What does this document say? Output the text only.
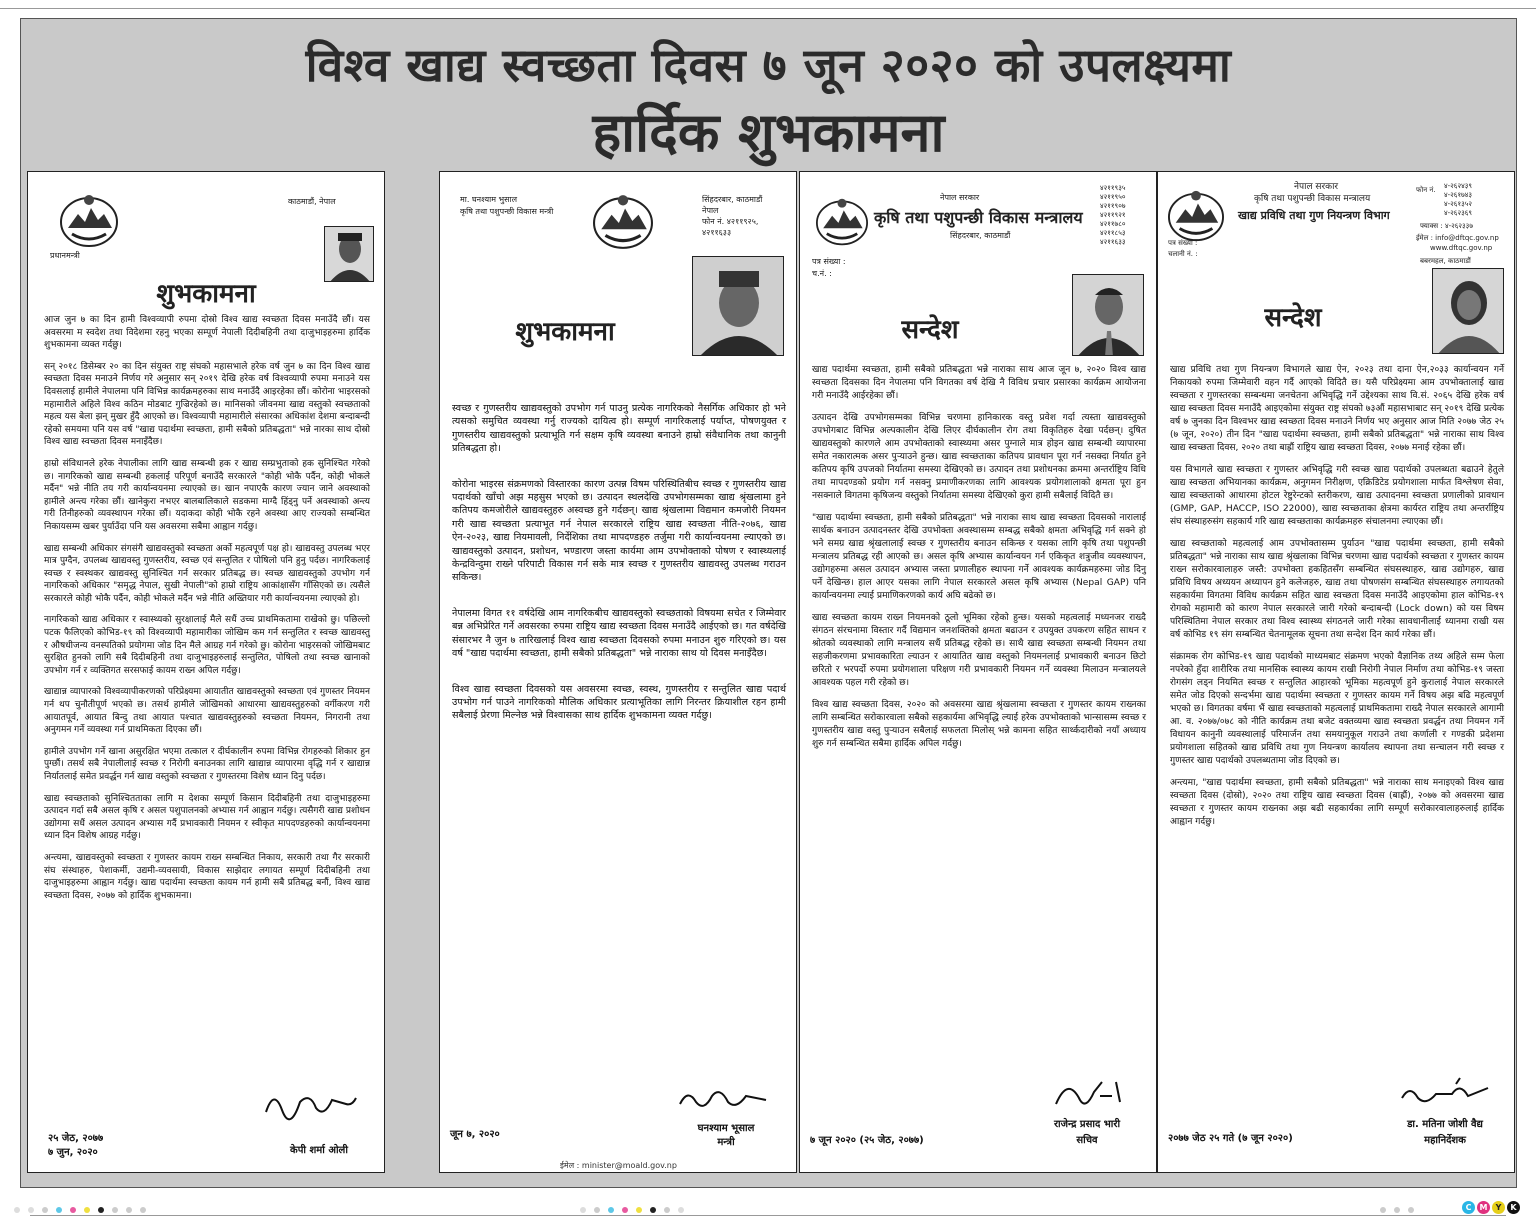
विश्व खाद्य स्वच्छता दिवस ७ जून २०२० को उपलक्ष्यमा
हार्दिक शुभकामना
काठमाडौं, नेपाल
प्रधानमन्त्री
शुभकामना

आज जुन ७ का दिन हामी विश्वव्यापी रुपमा दोस्रो विश्व खाद्य स्वच्छता दिवस मनाउँदै छौं। यस अवसरमा म स्वदेश तथा विदेशमा रहनु भएका सम्पूर्ण नेपाली दिदीबहिनी तथा दाजुभाइहरुमा हार्दिक शुभकामना व्यक्त गर्दछु।

सन् २०१८ डिसेम्बर २० का दिन संयुक्त राष्ट्र संघको महासभाले हरेक वर्ष जुन ७ का दिन विश्व खाद्य स्वच्छता दिवस मनाउने निर्णय गरे अनुसार सन् २०१९ देखि हरेक वर्ष विश्वव्यापी रुपमा मनाउने यस दिवसलाई हामीले नेपालमा पनि विभिन्न कार्यक्रमहरुका साथ मनाउँदै आइरहेका छौं। कोरोना भाइरसको महामारीले अहिले विश्व कठिन मोडबाट गुज्रिरहेको छ। मानिसको जीवनमा खाद्य वस्तुको स्वच्छताको महत्व यस बेला झन् मुखर हुँदै आएको छ। विश्वव्यापी महामारीले संसारका अधिकांश देशमा बन्दाबन्दी रहेको समयमा पनि यस वर्ष "खाद्य पदार्थमा स्वच्छता, हामी सबैको प्रतिबद्धता" भन्ने नारका साथ दोस्रो विश्व खाद्य स्वच्छता दिवस मनाइँदैछ।

हाम्रो संविधानले हरेक नेपालीका लागि खाद्य सम्बन्धी हक र खाद्य सम्प्रभुताको हक सुनिश्चित गरेको छ। नागरिकको खाद्य सम्बन्धी हकलाई परिपूर्ण बनाउँदै सरकारले "कोही भोकै पर्दैन, कोही भोकले मर्दैन" भन्ने नीति तय गरी कार्यान्वयनमा ल्याएको छ। खान नपाएकै कारण ज्यान जाने अवस्थाको हामीले अन्त्य गरेका छौं। खानेकुरा नभएर बालबालिकाले सडकमा माग्दै हिंड्नु पर्ने अवस्थाको अन्त्य गरी तिनीहरुको व्यवस्थापन गरेका छौं। यदाकदा कोही भोकै रहने अवस्था आए राज्यको सम्बन्धित निकायसम्म खबर पुर्याउँदा पनि यस अवसरमा सबैमा आह्वान गर्दछु।

खाद्य सम्बन्धी अधिकार संगसंगै खाद्यवस्तुको स्वच्छता अर्को महत्वपूर्ण पक्ष हो। खाद्यवस्तु उपलब्ध भएर मात्र पुग्दैन, उपलब्ध खाद्यवस्तु गुणस्तरीय, स्वच्छ एवं सन्तुलित र पोषिलो पनि हुनु पर्दछ। नागरिकलाई स्वच्छ र स्वस्थकर खाद्यवस्तु सुनिश्चित गर्न सरकार प्रतिबद्ध छ। स्वच्छ खाद्यवस्तुको उपभोग गर्न नागरिकको अधिकार "समृद्ध नेपाल, सुखी नेपाली"को हाम्रो राष्ट्रिय आकांक्षासँग गाँसिएको छ। त्यसैले सरकारले कोही भोकै पर्दैन, कोही भोकले मर्दैन भन्ने नीति अख्तियार गरी कार्यान्वयनमा ल्याएको हो।

नागरिकको खाद्य अधिकार र स्वास्थ्यको सुरक्षालाई मैले सधैं उच्च प्राथमिकतामा राखेको छु। पछिल्लो पटक फैलिएको कोभिड-१९ को विश्वव्यापी महामारीका जोखिम कम गर्न सन्तुलित र स्वच्छ खाद्यवस्तु र औषधीजन्य वनस्पतिको प्रयोगमा जोड दिन मैले आग्रह गर्न गरेको छु। कोरोना भाइरसको जोखिमबाट सुरक्षित हुनको लागि सबै दिदीबहिनी तथा दाजुभाइहरुलाई सन्तुलित, पोषिलो तथा स्वच्छ खानाको उपभोग गर्न र व्यक्तिगत सरसफाई कायम राख्न अपिल गर्दछु।

खाद्यान्न व्यापारको विश्वव्यापीकरणको परिप्रेक्ष्यमा आयातीत खाद्यवस्तुको स्वच्छता एवं गुणस्तर नियमन गर्न थप चुनौतीपूर्ण भएको छ। तसर्थ हामीले जोखिमको आधारमा खाद्यवस्तुहरुको वर्गीकरण गरी आयातपूर्व, आयात बिन्दु तथा आयात पश्चात खाद्यवस्तुहरुको स्वच्छता नियमन, निगरानी तथा अनुगमन गर्ने व्यवस्था गर्न प्राथमिकता दिएका छौं।

हामीले उपभोग गर्ने खाना असुरक्षित भएमा तत्काल र दीर्घकालीन रुपमा विभिन्न रोगहरुको शिकार हुन पुग्छौं। तसर्थ सबै नेपालीलाई स्वच्छ र निरोगी बनाउनका लागि खाद्यान्न व्यापारमा वृद्धि गर्न र खाद्यान्न निर्यातलाई समेत प्रवर्द्धन गर्न खाद्य वस्तुको स्वच्छता र गुणस्तरमा विशेष ध्यान दिनु पर्दछ।

खाद्य स्वच्छताको सुनिश्चितताका लागि म देशका सम्पूर्ण किसान दिदीबहिनी तथा दाजुभाइहरुमा उत्पादन गर्दा सबै असल कृषि र असल पशुपालनको अभ्यास गर्न आह्वान गर्दछु। त्यसैगरी खाद्य प्रशोधन उद्योगमा सधैं असल उत्पादन अभ्यास गर्दै प्रभावकारी नियमन र स्वीकृत मापदण्डहरुको कार्यान्वयनमा ध्यान दिन विशेष आग्रह गर्दछु।

अन्त्यमा, खाद्यवस्तुको स्वच्छता र गुणस्तर कायम राख्न सम्बन्धित निकाय, सरकारी तथा गैर सरकारी संघ संस्थाहरु, पेशाकर्मी, उद्यमी-व्यवसायी, विकास साझेदार लगायत सम्पूर्ण दिदीबहिनी तथा दाजुभाइहरुमा आह्वान गर्दछु। खाद्य पदार्थमा स्वच्छता कायम गर्न हामी सबै प्रतिबद्ध बनौं, विश्व खाद्य स्वच्छता दिवस, २०७७ को हार्दिक शुभकामना।

२५ जेठ, २०७७
७ जुन, २०२०	केपी शर्मा ओली
मा. घनश्याम भुसाल
कृषि तथा पशुपन्छी विकास मन्त्री
सिंहदरबार, काठमाडौं
नेपाल
फोन नं. ४२११९२५,
४२११६३३
शुभकामना

स्वच्छ र गुणस्तरीय खाद्यवस्तुको उपभोग गर्न पाउनु प्रत्येक नागरिकको नैसर्गिक अधिकार हो भने त्यसको समुचित व्यवस्था गर्नु राज्यको दायित्व हो। सम्पूर्ण नागरिकलाई पर्याप्त, पोषणयुक्त र गुणस्तरीय खाद्यवस्तुको प्रत्याभूति गर्न सक्षम कृषि व्यवस्था बनाउने हाम्रो संवैधानिक तथा कानुनी प्रतिबद्धता हो।

कोरोना भाइरस संक्रमणको विस्तारका कारण उत्पन्न विषम परिस्थितिबीच स्वच्छ र गुणस्तरीय खाद्य पदार्थको खाँचो अझ महसुस भएको छ। उत्पादन स्थलदेखि उपभोगसम्मका खाद्य श्रृंखलामा हुने कतिपय कमजोरीले खाद्यवस्तुहरु अस्वच्छ हुने गर्दछन्। खाद्य श्रृंखलामा विद्यमान कमजोरी नियमन गरी खाद्य स्वच्छता प्रत्याभूत गर्न नेपाल सरकारले राष्ट्रिय खाद्य स्वच्छता नीति-२०७६, खाद्य ऐन-२०२३, खाद्य नियमावली, निर्देशिका तथा मापदण्डहरु तर्जुमा गरी कार्यान्वयनमा ल्याएको छ। खाद्यवस्तुको उत्पादन, प्रशोधन, भण्डारण जस्ता कार्यमा आम उपभोक्ताको पोषण र स्वास्थ्यलाई केन्द्रविन्दुमा राख्ने परिपाटी विकास गर्न सके मात्र स्वच्छ र गुणस्तरीय खाद्यवस्तु उपलब्ध गराउन सकिन्छ।

नेपालमा विगत ११ वर्षदेखि आम नागरिकबीच खाद्यवस्तुको स्वच्छताको विषयमा सचेत र जिम्मेवार बन्न अभिप्रेरित गर्ने अवसरका रुपमा राष्ट्रिय खाद्य स्वच्छता दिवस मनाउँदै आईएको छ। गत वर्षदेखि संसारभर नै जुन ७ तारिखलाई विश्व खाद्य स्वच्छता दिवसको रुपमा मनाउन शुरु गरिएको छ। यस वर्ष "खाद्य पदार्थमा स्वच्छता, हामी सबैको प्रतिबद्धता" भन्ने नाराका साथ यो दिवस मनाइँदैछ।

विश्व खाद्य स्वच्छता दिवसको यस अवसरमा स्वच्छ, स्वस्थ, गुणस्तरीय र सन्तुलित खाद्य पदार्थ उपभोग गर्न पाउने नागरिकको मौलिक अधिकार प्रत्याभूतिका लागि निरन्तर क्रियाशील रहन हामी सबैलाई प्रेरणा मिल्नेछ भन्ने विश्वासका साथ हार्दिक शुभकामना व्यक्त गर्दछु।

जून ७, २०२०
घनश्याम भूसाल
मन्त्री
ईमेल : minister@moald.gov.np
नेपाल सरकार
कृषि तथा पशुपन्छी विकास मन्त्रालय
सिंहदरबार, काठमाडौं
४२११९३५
४२११९५०
४२११९०७
४२११९२१
४२११७८०
४२११८५३
४२११६३३
पत्र संख्या :
च.नं. :
सन्देश

खाद्य पदार्थमा स्वच्छता, हामी सबैको प्रतिबद्धता भन्ने नाराका साथ आज जून ७, २०२० विश्व खाद्य स्वच्छता दिवसका दिन नेपालमा पनि विगतका वर्ष देखि नै विविध प्रचार प्रसारका कार्यक्रम आयोजना गरी मनाउँदै आईरहेका छौं।

उत्पादन देखि उपभोगसम्मका विभिन्न चरणमा हानिकारक वस्तु प्रवेश गर्दा त्यस्ता खाद्यवस्तुको उपभोगबाट विभिन्न अल्पकालीन देखि लिएर दीर्घकालीन रोग तथा विकृतिहरु देखा पर्दछन्। दुषित खाद्यवस्तुको कारणले आम उपभोक्ताको स्वास्थ्यमा असर पुग्नाले मात्र होइन खाद्य सम्बन्धी व्यापारमा समेत नकारात्मक असर पुऱ्याउने हुन्छ। खाद्य स्वच्छताका कतिपय प्रावधान पूरा गर्न नसक्दा निर्यात हुने कतिपय कृषि उपजको निर्यातमा समस्या देखिएको छ। उत्पादन तथा प्रशोधनका क्रममा अन्तर्राष्ट्रिय विधि तथा मापदण्डको प्रयोग गर्न नसक्नु प्रमाणीकरणका लागि आवश्यक प्रयोगशालाको क्षमता पूरा हुन नसक्नाले विगतमा कृषिजन्य वस्तुको निर्यातमा समस्या देखिएको कुरा हामी सबैलाई विदितै छ।

"खाद्य पदार्थमा स्वच्छता, हामी सबैको प्रतिबद्धता" भन्ने नाराका साथ खाद्य स्वच्छता दिवसको नारालाई सार्थक बनाउन उत्पादनस्तर देखि उपभोक्ता अवस्थासम्म सम्बद्ध सबैको क्षमता अभिवृद्धि गर्न सक्ने हो भने समग्र खाद्य श्रृंखलालाई स्वच्छ र गुणस्तरीय बनाउन सकिन्छ र यसका लागि कृषि तथा पशुपन्छी मन्त्रालय प्रतिबद्ध रही आएको छ। असल कृषि अभ्यास कार्यान्वयन गर्न एकिकृत शत्रुजीव व्यवस्थापन, उद्योगहरुमा असल उत्पादन अभ्यास जस्ता प्रणालीहरु स्थापना गर्ने आवश्यक कार्यक्रमहरुमा जोड दिनु पर्ने देखिन्छ। हाल आएर यसका लागि नेपाल सरकारले असल कृषि अभ्यास (Nepal GAP) पनि कार्यान्वयनमा ल्याई प्रमाणिकरणको कार्य अघि बढेको छ।

खाद्य स्वच्छता कायम राख्न नियमनको ठूलो भूमिका रहेको हुन्छ। यसको महत्वलाई मध्यनजर राख्दै संगठन संरचनामा विस्तार गर्दै विद्यमान जनशक्तिको क्षमता बढाउन र उपयुक्त उपकरण सहित साधन र श्रोतको व्यवस्थाको लागि मन्त्रालय सधैं प्रतिबद्ध रहेको छ। साथै खाद्य स्वच्छता सम्बन्धी नियमन तथा सहजीकरणमा प्रभावकारिता ल्याउन र आयातित खाद्य वस्तुको नियमनलाई प्रभावकारी बनाउन छिटो छरितो र भरपर्दो रुपमा प्रयोगशाला परिक्षण गरी प्रभावकारी नियमन गर्ने व्यवस्था मिलाउन मन्त्रालयले आवश्यक पहल गरी रहेको छ।

विश्व खाद्य स्वच्छता दिवस, २०२० को अवसरमा खाद्य श्रृंखलामा स्वच्छता र गुणस्तर कायम राख्नका लागि सम्बन्धित सरोकारवाला सबैको सहकार्यमा अभिवृद्धि ल्याई हरेक उपभोक्ताको भान्सासम्म स्वच्छ र गुणस्तरीय खाद्य वस्तु पुऱ्याउन सबैलाई सफलता मिलोस् भन्ने कामना सहित सार्थ्कदारीको नयाँ अध्याय शुरु गर्न सम्बन्धित सबैमा हार्दिक अपिल गर्दछु।

७ जून २०२० (२५ जेठ, २०७७)
राजेन्द्र प्रसाद भारी
सचिव
नेपाल सरकार
कृषि तथा पशुपन्छी विकास मन्त्रालय
खाद्य प्रविधि तथा गुण नियन्त्रण विभाग
फोन नं. ४-२६२४३९
४-२६१७४३
४-२६१३५२
४-२६२३६९
फ्याक्स : ४-२६२३३७
ईमेल : info@dftqc.gov.np
www.dftqc.gov.np
पत्र संख्या :
चलानी नं. :
बबरमहल, काठमाडौं
सन्देश

खाद्य प्रविधि तथा गुण नियन्त्रण विभागले खाद्य ऐन, २०२३ तथा दाना ऐन,२०३३ कार्यान्वयन गर्ने निकायको रुपमा जिम्मेवारी वहन गर्दै आएको विदितै छ। यसै परिप्रेक्ष्यमा आम उपभोक्तालाई खाद्य स्वच्छता र गुणस्तरका सम्बन्धमा जनचेतना अभिवृद्धि गर्ने उद्देश्यका साथ वि.सं. २०६५ देखि हरेक वर्ष खाद्य स्वच्छता दिवस मनाउँदै आइएकोमा संयुक्त राष्ट्र संघको ७३औं महासभाबाट सन् २०१९ देखि प्रत्येक वर्ष ७ जुनका दिन विश्वभर खाद्य स्वच्छता दिवस मनाउने निर्णय भए अनुसार आज मिति २०७७ जेठ २५ (७ जून, २०२०) तीन दिन "खाद्य पदार्थमा स्वच्छता, हामी सबैको प्रतिबद्धता" भन्ने नाराका साथ विश्व खाद्य स्वच्छता दिवस, २०२० तथा बाह्रौं राष्ट्रिय खाद्य स्वच्छता दिवस, २०७७ मनाई रहेका छौं।

यस विभागले खाद्य स्वच्छता र गुणस्तर अभिवृद्धि गरी स्वच्छ खाद्य पदार्थको उपलब्धता बढाउने हेतुले खाद्य स्वच्छता अभियानका कार्यक्रम, अनुगमन निरीक्षण, एक्रिडिटेड प्रयोगशाला मार्फत विश्लेषण सेवा, खाद्य स्वच्छताको आधारमा होटल रेष्टुरेन्टको स्तरीकरण, खाद्य उत्पादनमा स्वच्छता प्रणालीको प्रावधान (GMP, GAP, HACCP, ISO 22000), खाद्य स्वच्छताका क्षेत्रमा कार्यरत राष्ट्रिय तथा अन्तर्राष्ट्रिय संघ संस्थाहरुसंग सहकार्य गरि खाद्य स्वच्छताका कार्यक्रमहरु संचालनमा ल्याएका छौं।

खाद्य स्वच्छताको महत्वलाई आम उपभोक्तासम्म पुर्याउन "खाद्य पदार्थमा स्वच्छता, हामी सबैको प्रतिबद्धता" भन्ने नाराका साथ खाद्य श्रृंखलाका विभिन्न चरणमा खाद्य पदार्थको स्वच्छता र गुणस्तर कायम राख्न सरोकारवालाहरु जस्तै: उपभोक्ता हकहितसँग सम्बन्धित संघसस्थाहरु, खाद्य उद्योगहरु, खाद्य प्रविधि विषय अध्ययन अध्यापन हुने कलेजहरु, खाद्य तथा पोषणसंग सम्बन्धित संघसस्थाहरु लगायतको सहकार्यमा विगतमा विविध कार्यक्रम सहित खाद्य स्वच्छता दिवस मनाउँदै आइएकोमा हाल कोभिड-१९ रोगको महामारी को कारण नेपाल सरकारले जारी गरेको बन्दाबन्दी (Lock down) को यस विषम परिस्थितिमा नेपाल सरकार तथा विश्व स्वास्थ्य संगठनले जारी गरेका सावधानीलाई ध्यानमा राखी यस वर्ष कोभिड १९ संग सम्बन्धित चेतनामूलक सूचना तथा सन्देश दिन कार्य गरेका छौं।

संक्रामक रोग कोभिड-१९ खाद्य पदार्थको माध्यमबाट संक्रमण भएको वैज्ञानिक तथ्य अहिले सम्म फेला नपरेको हुँदा शारीरिक तथा मानसिक स्वास्थ्य कायम राखी निरोगी नेपाल निर्माण तथा कोभिड-१९ जस्ता रोगसंग लड्न नियमित स्वच्छ र सन्तुलित आहारको भूमिका महत्वपूर्ण हुने कुरालाई नेपाल सरकारले समेत जोड दिएको सन्दर्भमा खाद्य पदार्थमा स्वच्छता र गुणस्तर कायम गर्ने विषय अझ बढि महत्वपूर्ण भएको छ। विगतका वर्षमा भैं खाद्य स्वच्छताको महत्वलाई प्राथमिकतामा राख्दै नेपाल सरकारले आगामी आ. व. २०७७/०७८ को नीति कार्यक्रम तथा बजेट वक्तव्यमा खाद्य स्वच्छता प्रवर्द्धन तथा नियमन गर्ने विधायन कानुनी व्यवस्थालाई परिमार्जन तथा समयानुकूल गराउने तथा कर्णाली र गण्डकी प्रदेशमा प्रयोगशाला सहितको खाद्य प्रविधि तथा गुण नियन्त्रण कार्यालय स्थापना तथा सन्चालन गरी स्वच्छ र गुणस्तर खाद्य पदार्थको उपलब्धतामा जोड दिएको छ।

अन्त्यमा, "खाद्य पदार्थमा स्वच्छता, हामी सबैको प्रतिबद्धता" भन्ने नाराका साथ मनाइएको विश्व खाद्य स्वच्छता दिवस (दोस्रो), २०२० तथा राष्ट्रिय खाद्य स्वच्छता दिवस (बाह्रौं), २०७७ को अवसरमा खाद्य स्वच्छता र गुणस्तर कायम राख्नका अझ बढी सहकार्यका लागि सम्पूर्ण सरोकारवालाहरुलाई हार्दिक आह्वान गर्दछु।

२०७७ जेठ २५ गते (७ जून २०२०)
डा. मतिना जोशी वैद्य
महानिर्देशक
C M Y K
